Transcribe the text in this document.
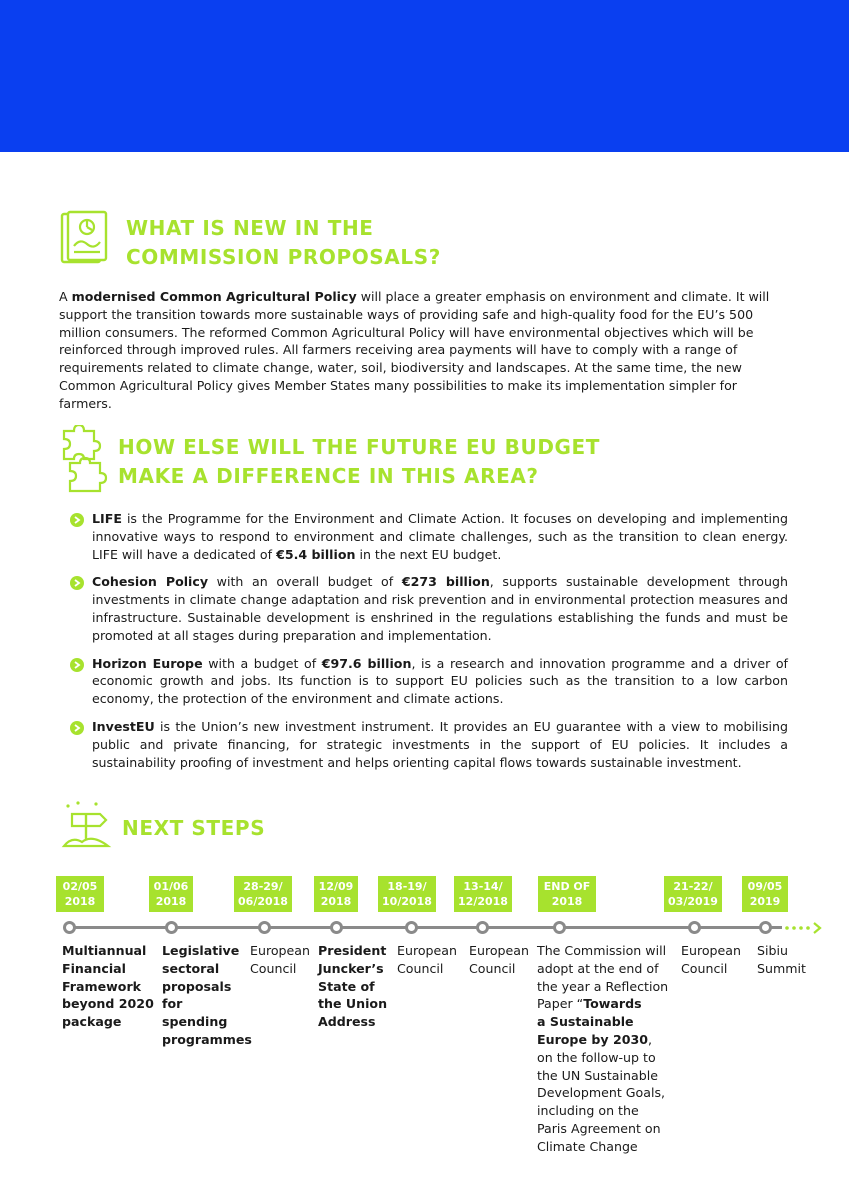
WHAT IS NEW IN THE
COMMISSION PROPOSALS?

A modernised Common Agricultural Policy will place a greater emphasis on environment and climate. It will support the transition towards more sustainable ways of providing safe and high-quality food for the EU’s 500 million consumers. The reformed Common Agricultural Policy will have environmental objectives which will be reinforced through improved rules. All farmers receiving area payments will have to comply with a range of requirements related to climate change, water, soil, biodiversity and landscapes. At the same time, the new Common Agricultural Policy gives Member States many possibilities to make its implementation simpler for farmers.

HOW ELSE WILL THE FUTURE EU BUDGET
MAKE A DIFFERENCE IN THIS AREA?
LIFE is the Programme for the Environment and Climate Action. It focuses on developing and implementing innovative ways to respond to environment and climate challenges, such as the transition to clean energy. LIFE will have a dedicated of €5.4 billion in the next EU budget.
Cohesion Policy with an overall budget of €273 billion, supports sustainable development through investments in climate change adaptation and risk prevention and in environmental protection measures and infrastructure. Sustainable development is enshrined in the regulations establishing the funds and must be promoted at all stages during preparation and implementation.
Horizon Europe with a budget of €97.6 billion, is a research and innovation programme and a driver of economic growth and jobs. Its function is to support EU policies such as the transition to a low carbon economy, the protection of the environment and climate actions.
InvestEU is the Union’s new investment instrument. It provides an EU guarantee with a view to mobilising public and private financing, for strategic investments in the support of EU policies. It includes a sustainability proofing of investment and helps orienting capital flows towards sustainable investment.
NEXT STEPS
02/05
2018
Multiannual
Financial
Framework
beyond 2020
package
01/06
2018
Legislative
sectoral
proposals
for spending
programmes
28-29/
06/2018
European
Council
12/09
2018
President
Juncker’s
State of
the Union
Address
18-19/
10/2018
European
Council
13-14/
12/2018
European
Council
END OF
2018
The Commission will
adopt at the end of
the year a Reflection
Paper “Towards
a Sustainable
Europe by 2030,
on the follow-up to
the UN Sustainable
Development Goals,
including on the
Paris Agreement on
Climate Change
21-22/
03/2019
European
Council
09/05
2019
Sibiu
Summit
